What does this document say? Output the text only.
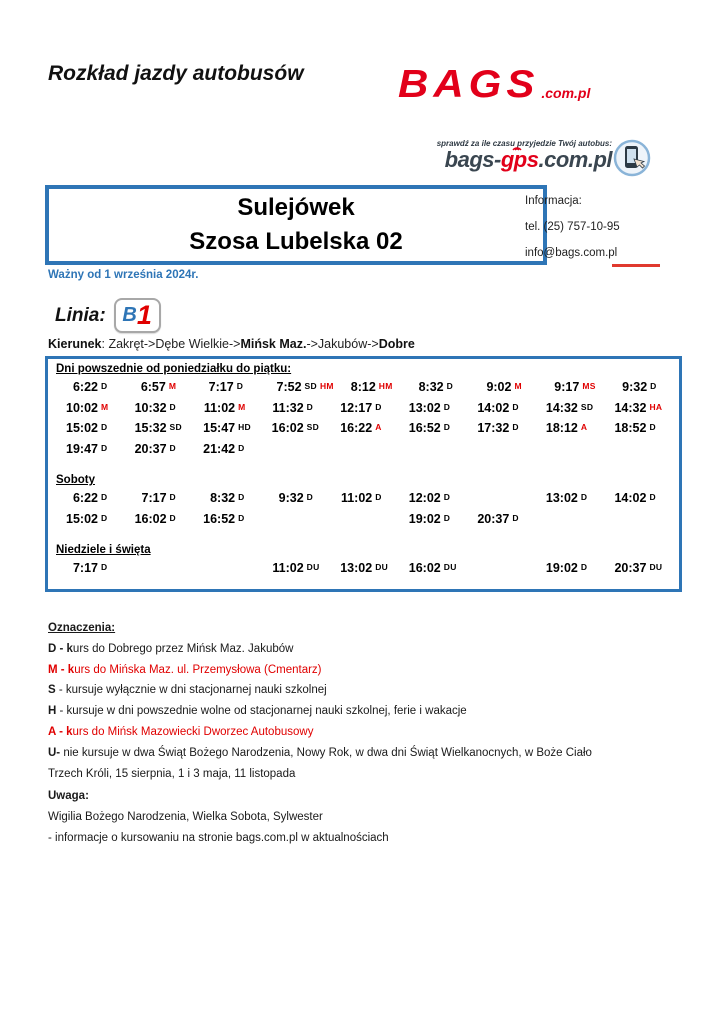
Rozkład jazdy autobusów BAGS .com.pl
sprawdź za ile czasu przyjedzie Twój autobus:
bags-gps
.com.pl
Sulejówek
Szosa Lubelska 02
Informacja:
tel. (25) 757-10-95
info@bags.com.pl
Ważny od 1 września 2024r.
Linia: B 1
Kierunek: Zakręt->Dębe Wielkie->Mińsk Maz.->Jakubów->Dobre
Dni powszednie od poniedziałku do piątku:
6:22 D	6:57 M	7:17 D	7:52 SD HM	8:12 HM	8:32 D	9:02 M	9:17 MS	9:32 D
10:02 M	10:32 D	11:02 M	11:32 D	12:17 D	13:02 D	14:02 D	14:32 SD	14:32 HA
15:02 D	15:32 SD	15:47 HD	16:02 SD	16:22 A	16:52 D	17:32 D	18:12 A	18:52 D
19:47 D	20:37 D	21:42 D
Soboty
6:22 D	7:17 D	8:32 D	9:32 D	11:02 D	12:02 D	13:02 D	14:02 D
15:02 D	16:02 D	16:52 D	19:02 D	20:37 D
Niedziele i święta
7:17 D	11:02 DU	13:02 DU	16:02 DU	19:02 D	20:37 DU
Oznaczenia:
D - kurs do Dobrego przez Mińsk Maz. Jakubów
M - kurs do Mińska Maz. ul. Przemysłowa (Cmentarz)
S - kursuje wyłącznie w dni stacjonarnej nauki szkolnej
H - kursuje w dni powszednie wolne od stacjonarnej nauki szkolnej, ferie i wakacje
A - kurs do Mińsk Mazowiecki Dworzec Autobusowy
U- nie kursuje w dwa Świąt Bożego Narodzenia, Nowy Rok, w dwa dni Świąt Wielkanocnych, w Boże Ciało
Trzech Króli, 15 sierpnia, 1 i 3 maja, 11 listopada
Uwaga:
Wigilia Bożego Narodzenia, Wielka Sobota, Sylwester
- informacje o kursowaniu na stronie bags.com.pl w aktualnościach
